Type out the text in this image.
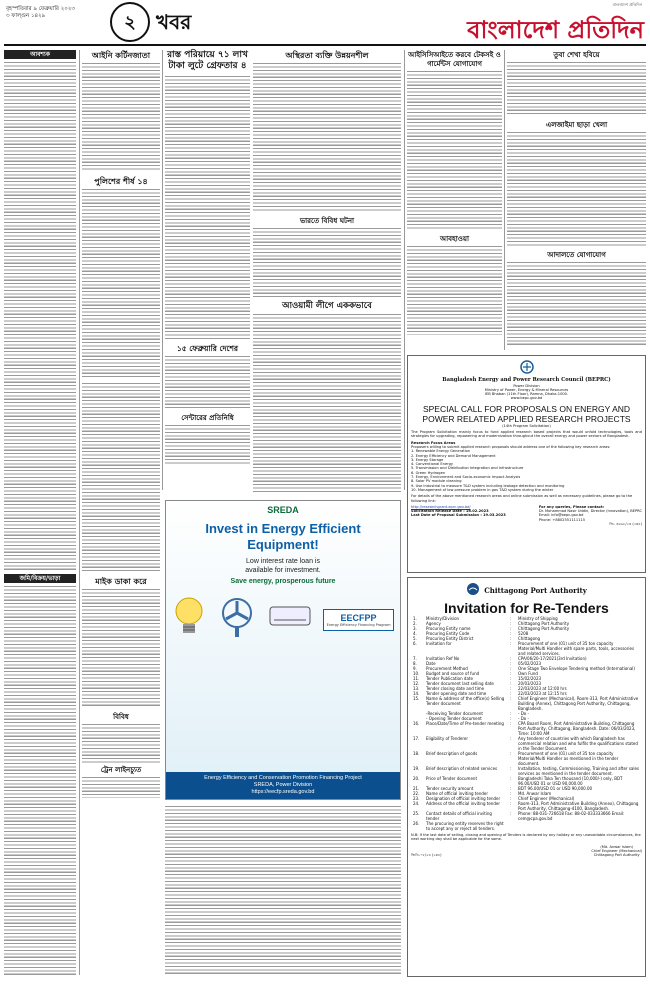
বৃহস্পতিবার ৯ ফেব্রুয়ারি ২০২৩
৩ ফাল্গুন ১৪২৯	২	খবর
বাংলাদেশ প্রতিদিন
বাংলাদেশ প্রতিদিন
আবশ্যক
জমি/বিক্রয়/ভাড়া
আইনি কর্টিনজাতা
পুলিশের শীর্ষ ১৪
মাইক ডাকা করে
বিবিধ
ট্রেন লাইনচ্যুত
রাস্ত পরিয়ায়ে ৭১ লাখ টাকা লুটে গ্রেফতার ৪
১৫ ফেব্রুয়ারি দেশের
সেন্টারের প্রতিনিধি
অস্থিরতা ব্যক্তি উন্নয়নশীল
ভারতে বিবিধ ঘটনা
আওয়ামী লীগে এককভাবে
আইসিসিআইতে করবে টেকসই ও গার্মেন্টস যোগাযোগ
আবহাওয়া
তুবা শেখা হবিয়ে
এলজাইমা ছাড়া খেলা
আদালতে যোগাযোগ
Bangladesh Energy and Power Research Council (BEPRC)
Power Division
Ministry of Power, Energy & Mineral Resources
IEB Bhaban (11th Floor), Ramna, Dhaka-1000.
www.bepc.gov.bd
SPECIAL CALL FOR PROPOSALS ON ENERGY AND POWER RELATED APPLIED RESEARCH PROJECTS
(14th Program Solicitation)
The Program Solicitation mainly focus to fund applied research based projects that would unfold technologies, tools and strategies for upgrading, repowering and modernization throughout the overall energy and power sectors of Bangladesh.
Research Focus Areas
Proposers willing to submit applied research proposals should address one of the following key research areas:
1. Renewable Energy Generation
2. Energy Efficiency and Demand Management
3. Energy Storage
4. Conventional Energy
5. Transmission and Distribution Integration and Infrastructure
6. Green Hydrogen
7. Energy, Environment and Socio-economic Impact Analysis
8. Solar PV module cleaning
9. Use Industrial to measure T&D system including leakage detection and monitoring
10. Management of low pressure problem in gas T&D system during the winter
For details of the above mentioned research areas and online submission as well as necessary guidelines, please go to the following link:
http://researchgrant.eprc.gov.bd/
Solicitation Release Date : 16.02.2023
Last Date of Proposal Submission : 19.03.2023
For any queries, Please contact:
Dr. Mohammad Nasir Uddin, Director (Innovation), BEPRC
Email: info@bepc.gov.bd
Phone: +8802551111115
জি- ৩৬৬৮/২৩ (২x৪)
Chittagong Port Authority
Invitation for Re-Tenders
1.	Ministry/Division	:	Ministry of Shipping
2.	Agency	:	Chittagong Port Authority
3.	Procuring Entity name	:	Chittagong Port Authority
4.	Procuring Entity Code	:	5208
5.	Procuring Entity District	:	Chittagong
6.	Invitation for	:	Procurement of one (01) unit of 35 ton capacity Material/Multi Handler with spare parts, tools, accessories and related services.
7.	Invitation Ref No	:	CPA/06/20-17/2021(3rd Invitation)
8.	Date	:	05/02/2023
9.	Procurement Method	:	One Stage Two Envelope Tendering method (International)
10.	Budget and source of fund	:	Own Fund
11.	Tender Publication date	:	15/02/2023
12.	Tender document last selling date	:	20/03/2023
13.	Tender closing date and time	:	22/03/2023 at 12:00 hrs
14.	Tender opening date and time	:	22/03/2023 at 12:15 hrs
15.	Name & address of the office(s) Selling Tender document	:	Chief Engineer (Mechanical), Room-313, Port Administrative Building (Annex), Chittagong Port Authority, Chittagong, Bangladesh.
	-Receiving Tender document	:	- Do -
	- Opening Tender document	:	- Do -
16.	Place/Date/Time of Pre-tender meeting	:	CPA Board Room, Port Administrative Building, Chittagong Port Authority, Chittagong, Bangladesh. Date: 06/03/2023, Time: 10:00 AM
17.	Eligibility of Tenderer	:	Any tenderer of countries with which Bangladesh has commercial relation and who fulfils the qualifications stated in the Tender Document.
18.	Brief description of goods	:	Procurement of one (01) unit of 35 ton capacity Material/Multi Handler as mentioned in the tender document.
19.	Brief description of related services	:	Installation, testing, Commissioning, Training and after sales services as mentioned in the tender document.
20.	Price of Tender document	:	Bangladeshi Taka Ten thousand (10,000/-) only, BDT 96.00/USD 01 or USD 90,000.00
21.	Tender security amount	:	BDT 96.00/USD 01 or USD 90,000.00
22.	Name of official inviting tender	:	Md. Anwar Islam
23.	Designation of official inviting tender	:	Chief Engineer (Mechanical)
24.	Address of the official inviting tender	:	Room-313, Port Administrative Building (Annex), Chittagong Port Authority, Chittagong-4100, Bangladesh.
25.	Contact details of official inviting tender	:	Phone: 88-031-726618 Fax: 88-02-033333666 Email: cem@cpa.gov.bd
26.	The procuring entity reserves the right to accept any or reject all tenders.		
N.B: If the last date of selling, closing and opening of Tenders is declared by any holiday or any unavoidable circumstances, the next working day shall be applicable for the same.
জিডি-০৫/২৩ (২x৪)
(Md. Anwar Islam)
Chief Engineer (Mechanical)
Chittagong Port Authority
SREDA
Invest in Energy Efficient Equipment!
Low interest rate loan is
available for investment.
Save energy, prosperous future
EECFPP
Energy Efficiency Financing Program
Energy Efficiency and Conservation Promotion Financing Project
SREDA, Power Division
https://eecfp.sreda.gov.bd
